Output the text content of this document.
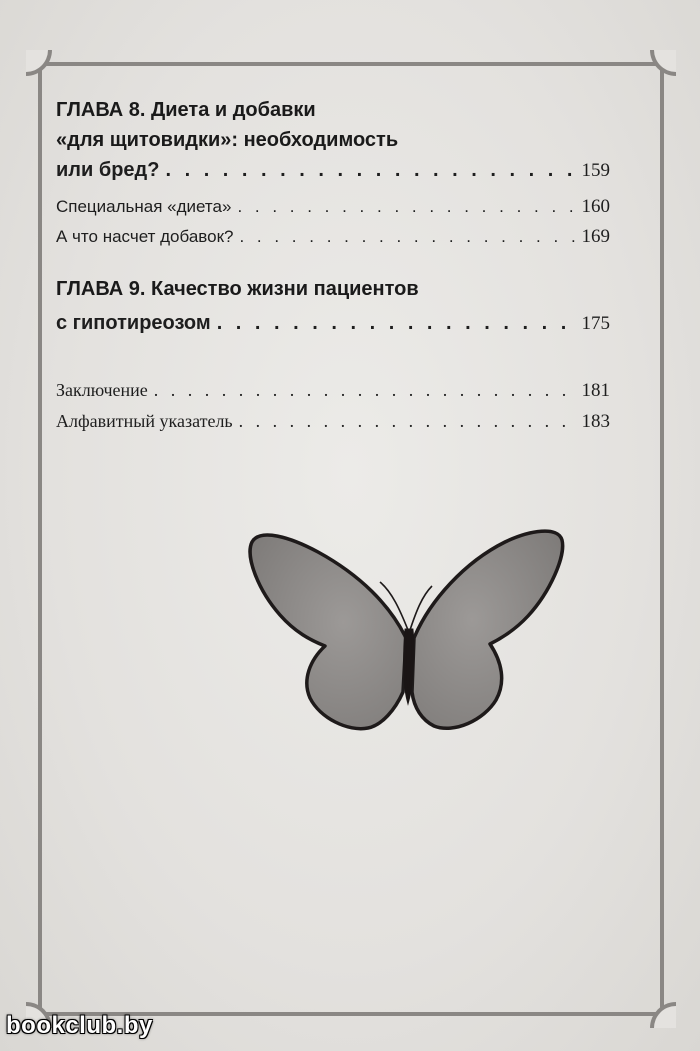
ГЛАВА 8. Диета и добавки
«для щитовидки»: необходимость
или бред? . . .	159
Специальная «диета» . . .	160
А что насчет добавок? . . .	169
ГЛАВА 9. Качество жизни пациентов
с гипотиреозом . . .	175
Заключение . . .	181
Алфавитный указатель . . .	183
bookclub.by
